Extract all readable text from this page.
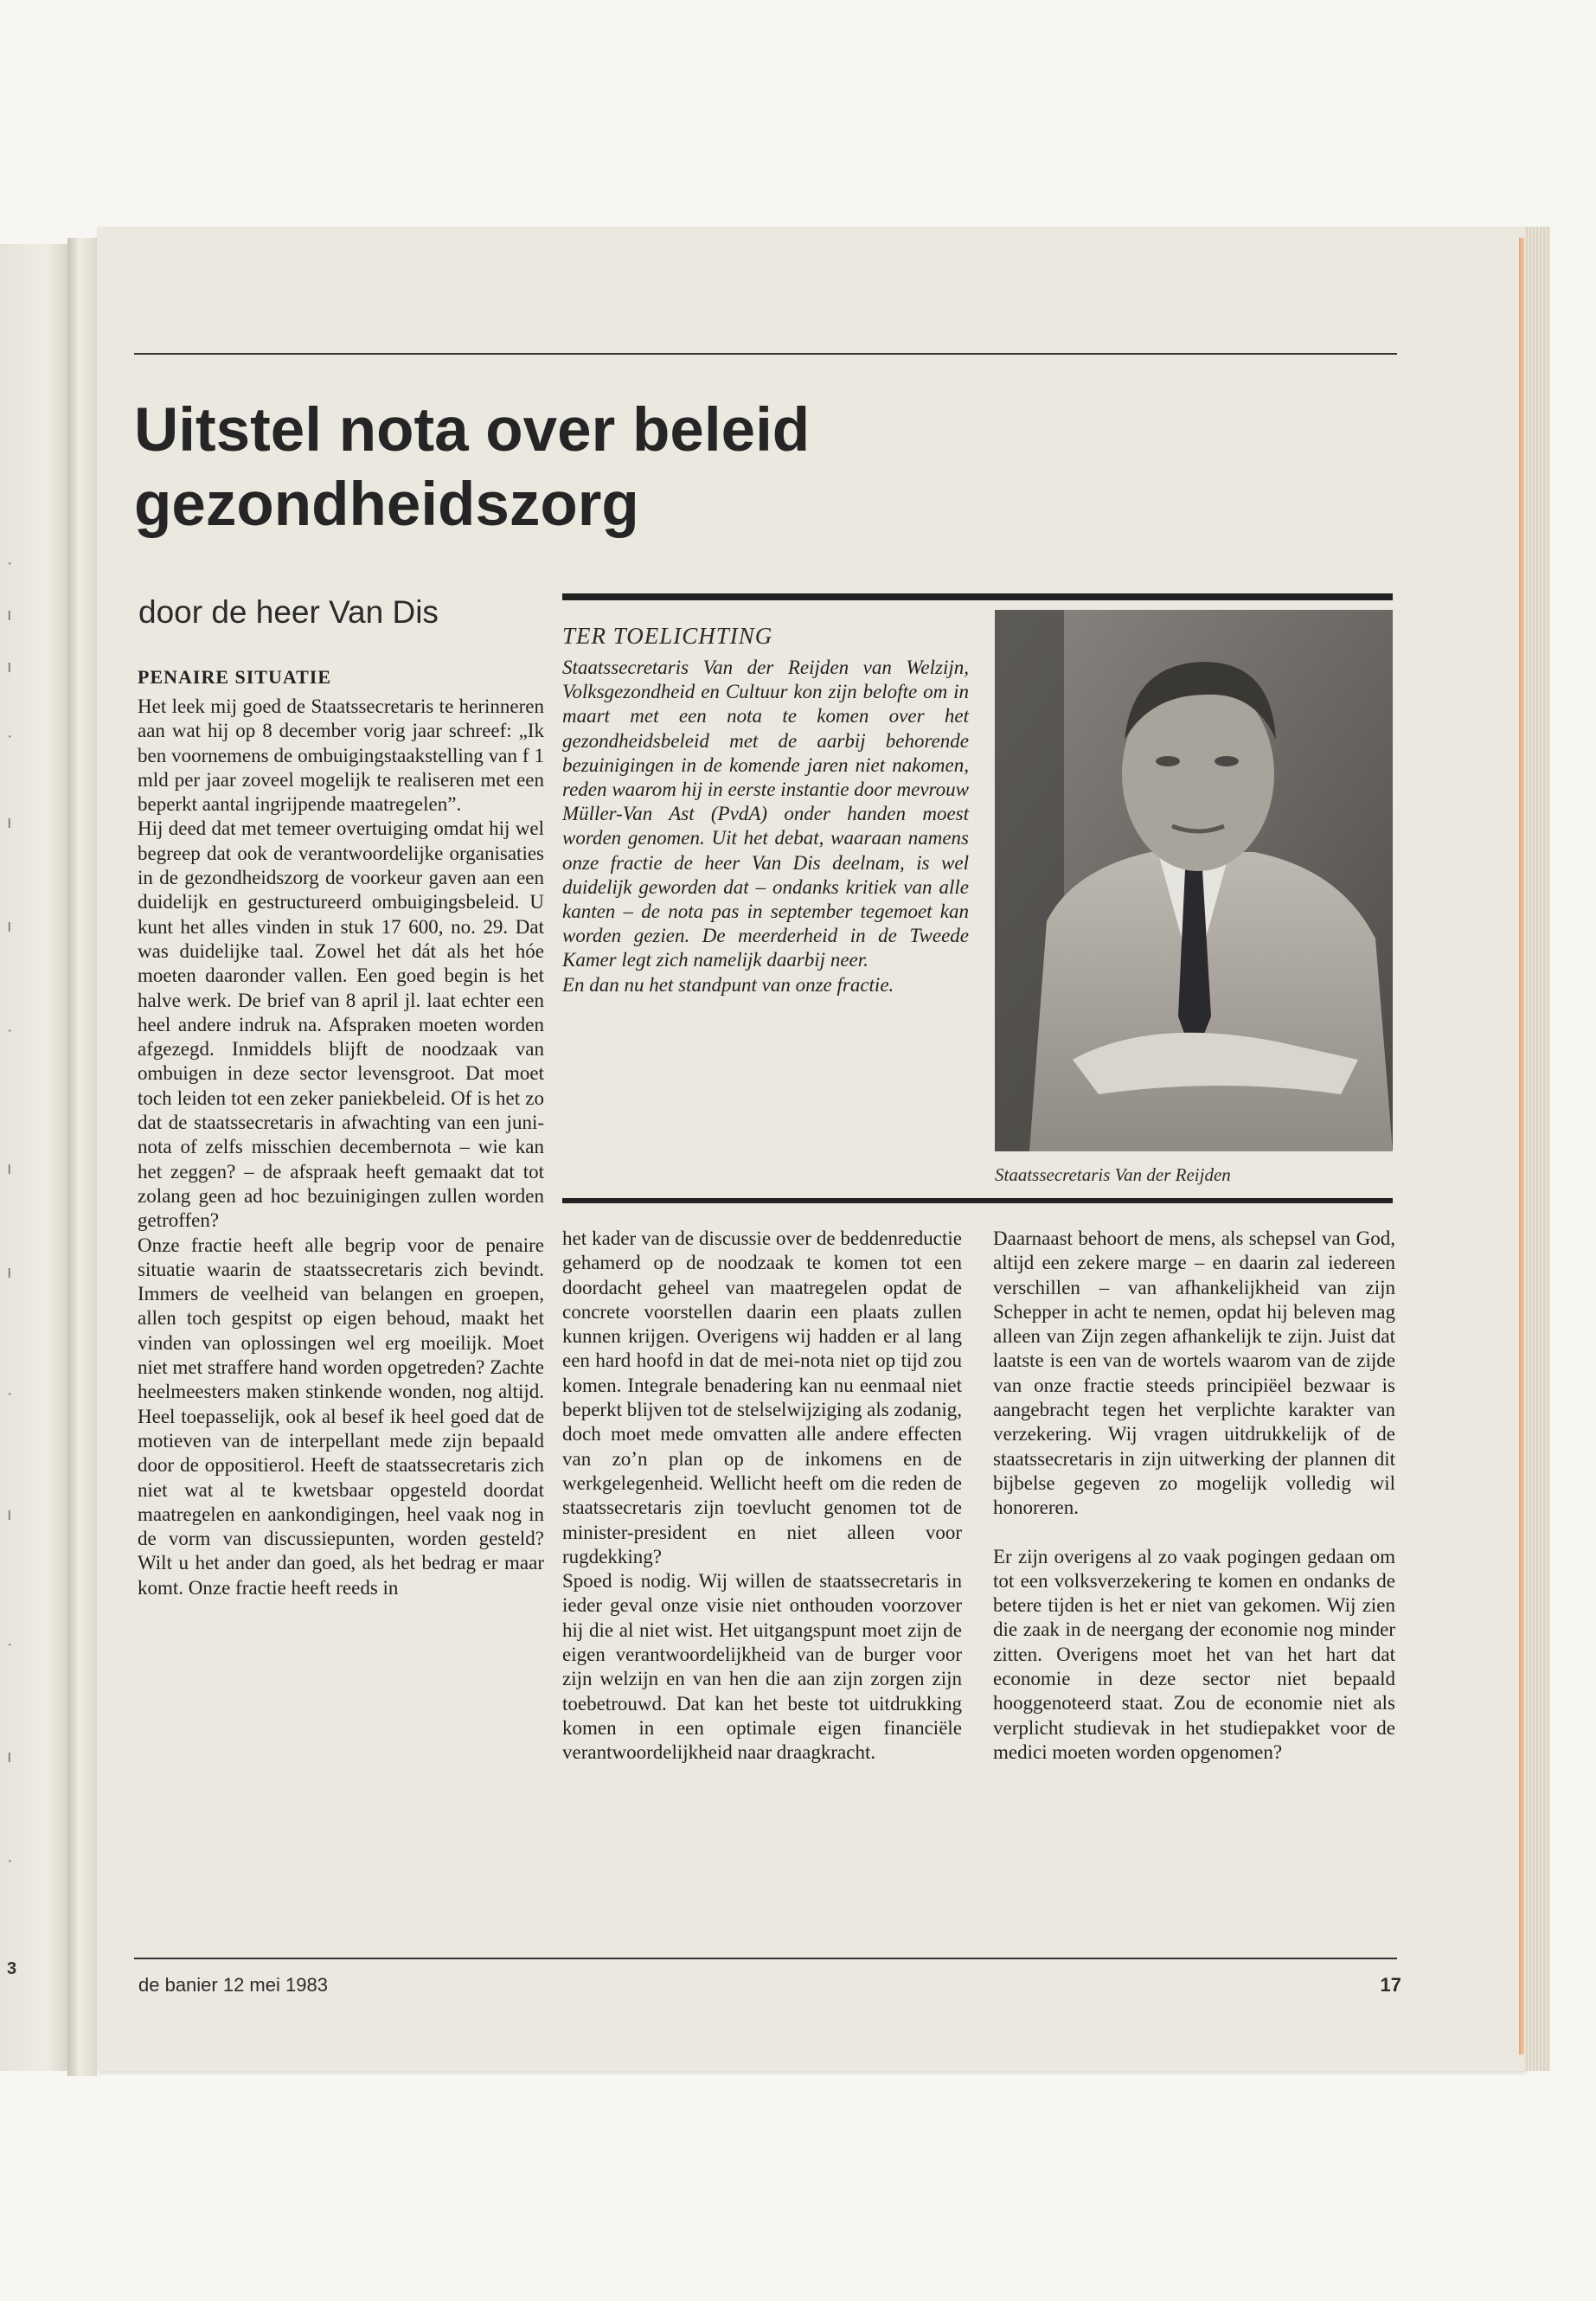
·
ı
ı
·
ı
ı
·
ı
ı
·
ı
·
ı
·
3
Uitstel nota over beleid
gezondheidszorg
door de heer Van Dis
PENAIRE SITUATIE

Het leek mij goed de Staatssecretaris te herinneren aan wat hij op 8 december vorig jaar schreef: „Ik ben voornemens de ombuigingstaakstelling van f 1 mld per jaar zoveel mogelijk te realiseren met een beperkt aantal ingrijpende maatregelen”.

Hij deed dat met temeer overtuiging omdat hij wel begreep dat ook de verantwoordelijke organisaties in de gezondheidszorg de voorkeur gaven aan een duidelijk en gestructureerd ombuigingsbeleid. U kunt het alles vinden in stuk 17 600, no. 29. Dat was duidelijke taal. Zowel het dát als het hóe moeten daaronder vallen. Een goed begin is het halve werk. De brief van 8 april jl. laat echter een heel andere indruk na. Afspraken moeten worden afgezegd. Inmiddels blijft de noodzaak van ombuigen in deze sector levensgroot. Dat moet toch leiden tot een zeker paniekbeleid. Of is het zo dat de staatssecretaris in afwachting van een juni-nota of zelfs misschien decembernota – wie kan het zeggen? – de afspraak heeft gemaakt dat tot zolang geen ad hoc bezuinigingen zullen worden getroffen?

Onze fractie heeft alle begrip voor de penaire situatie waarin de staatssecretaris zich bevindt. Immers de veelheid van belangen en groepen, allen toch gespitst op eigen behoud, maakt het vinden van oplossingen wel erg moeilijk. Moet niet met straffere hand worden opgetreden? Zachte heelmeesters maken stinkende wonden, nog altijd. Heel toepasselijk, ook al besef ik heel goed dat de motieven van de interpellant mede zijn bepaald door de oppositierol. Heeft de staatssecretaris zich niet wat al te kwetsbaar opgesteld doordat maatregelen en aankondigingen, heel vaak nog in de vorm van discussiepunten, worden gesteld? Wilt u het ander dan goed, als het bedrag er maar komt. Onze fractie heeft reeds in

TER TOELICHTING

Staatssecretaris Van der Reijden van Welzijn, Volksgezondheid en Cultuur kon zijn belofte om in maart met een nota te komen over het gezondheidsbeleid met de aarbij behorende bezuinigingen in de komende jaren niet nakomen, reden waarom hij in eerste instantie door mevrouw Müller-Van Ast (PvdA) onder handen moest worden genomen. Uit het debat, waaraan namens onze fractie de heer Van Dis deelnam, is wel duidelijk geworden dat – ondanks kritiek van alle kanten – de nota pas in september tegemoet kan worden gezien. De meerderheid in de Tweede Kamer legt zich namelijk daarbij neer.

En dan nu het standpunt van onze fractie.

Staatssecretaris Van der Reijden

het kader van de discussie over de beddenreductie gehamerd op de noodzaak te komen tot een doordacht geheel van maatregelen opdat de concrete voorstellen daarin een plaats zullen kunnen krijgen. Overigens wij hadden er al lang een hard hoofd in dat de mei-nota niet op tijd zou komen. Integrale benadering kan nu eenmaal niet beperkt blijven tot de stelselwijziging als zodanig, doch moet mede omvatten alle andere effecten van zo’n plan op de inkomens en de werkgelegenheid. Wellicht heeft om die reden de staatssecretaris zijn toevlucht genomen tot de minister-president en niet alleen voor rugdekking?

Spoed is nodig. Wij willen de staatssecretaris in ieder geval onze visie niet onthouden voorzover hij die al niet wist. Het uitgangspunt moet zijn de eigen verantwoordelijkheid van de burger voor zijn welzijn en van hen die aan zijn zorgen zijn toebetrouwd. Dat kan het beste tot uitdrukking komen in een optimale eigen financiële verantwoordelijkheid naar draagkracht.

Daarnaast behoort de mens, als schepsel van God, altijd een zekere marge – en daarin zal iedereen verschillen – van afhankelijkheid van zijn Schepper in acht te nemen, opdat hij beleven mag alleen van Zijn zegen afhankelijk te zijn. Juist dat laatste is een van de wortels waarom van de zijde van onze fractie steeds principiëel bezwaar is aangebracht tegen het verplichte karakter van verzekering. Wij vragen uitdrukkelijk of de staatssecretaris in zijn uitwerking der plannen dit bijbelse gegeven zo mogelijk volledig wil honoreren.

Er zijn overigens al zo vaak pogingen gedaan om tot een volksverzekering te komen en ondanks de betere tijden is het er niet van gekomen. Wij zien die zaak in de neergang der economie nog minder zitten. Overigens moet het van het hart dat economie in deze sector niet bepaald hooggenoteerd staat. Zou de economie niet als verplicht studievak in het studiepakket voor de medici moeten worden opgenomen?

de banier 12 mei 1983	17
